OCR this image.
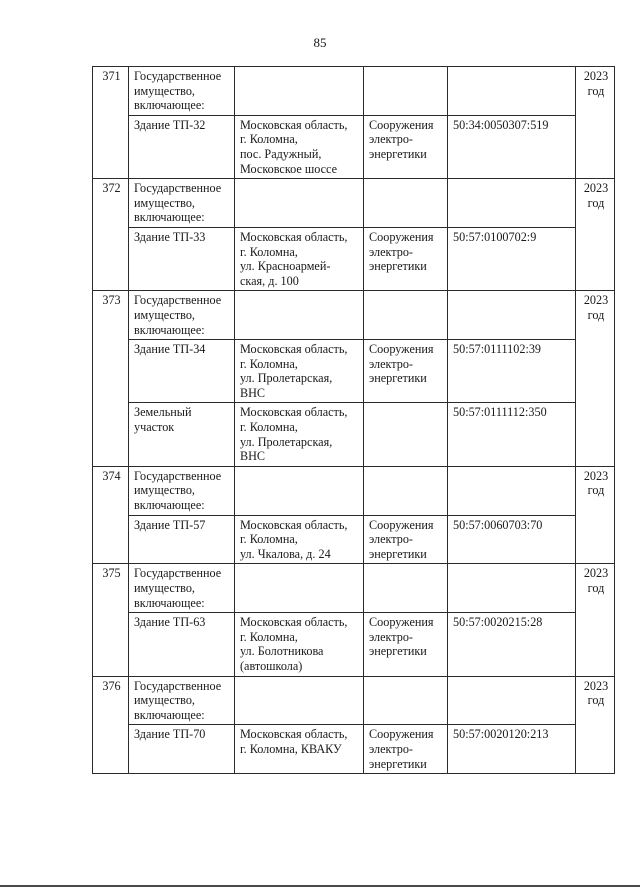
85
371	Государственное
имущество,
включающее:				2023
год

	Здание ТП-32	Московская область,
г. Коломна,
пос. Радужный,
Московское шоссе	Сооружения
электро-
энергетики	50:34:0050307:519	

372	Государственное
имущество,
включающее:				2023
год

	Здание ТП-33	Московская область,
г. Коломна,
ул. Красноармей-
ская, д. 100	Сооружения
электро-
энергетики	50:57:0100702:9	

373	Государственное
имущество,
включающее:				2023
год

	Здание ТП-34	Московская область,
г. Коломна,
ул. Пролетарская,
ВНС	Сооружения
электро-
энергетики	50:57:0111102:39	

	Земельный
участок	Московская область,
г. Коломна,
ул. Пролетарская,
ВНС		50:57:0111112:350	

374	Государственное
имущество,
включающее:				2023
год

	Здание ТП-57	Московская область,
г. Коломна,
ул. Чкалова, д. 24	Сооружения
электро-
энергетики	50:57:0060703:70	

375	Государственное
имущество,
включающее:				2023
год

	Здание ТП-63	Московская область,
г. Коломна,
ул. Болотникова
(автошкола)	Сооружения
электро-
энергетики	50:57:0020215:28	

376	Государственное
имущество,
включающее:				2023
год

	Здание ТП-70	Московская область,
г. Коломна, КВАКУ	Сооружения
электро-
энергетики	50:57:0020120:213	
